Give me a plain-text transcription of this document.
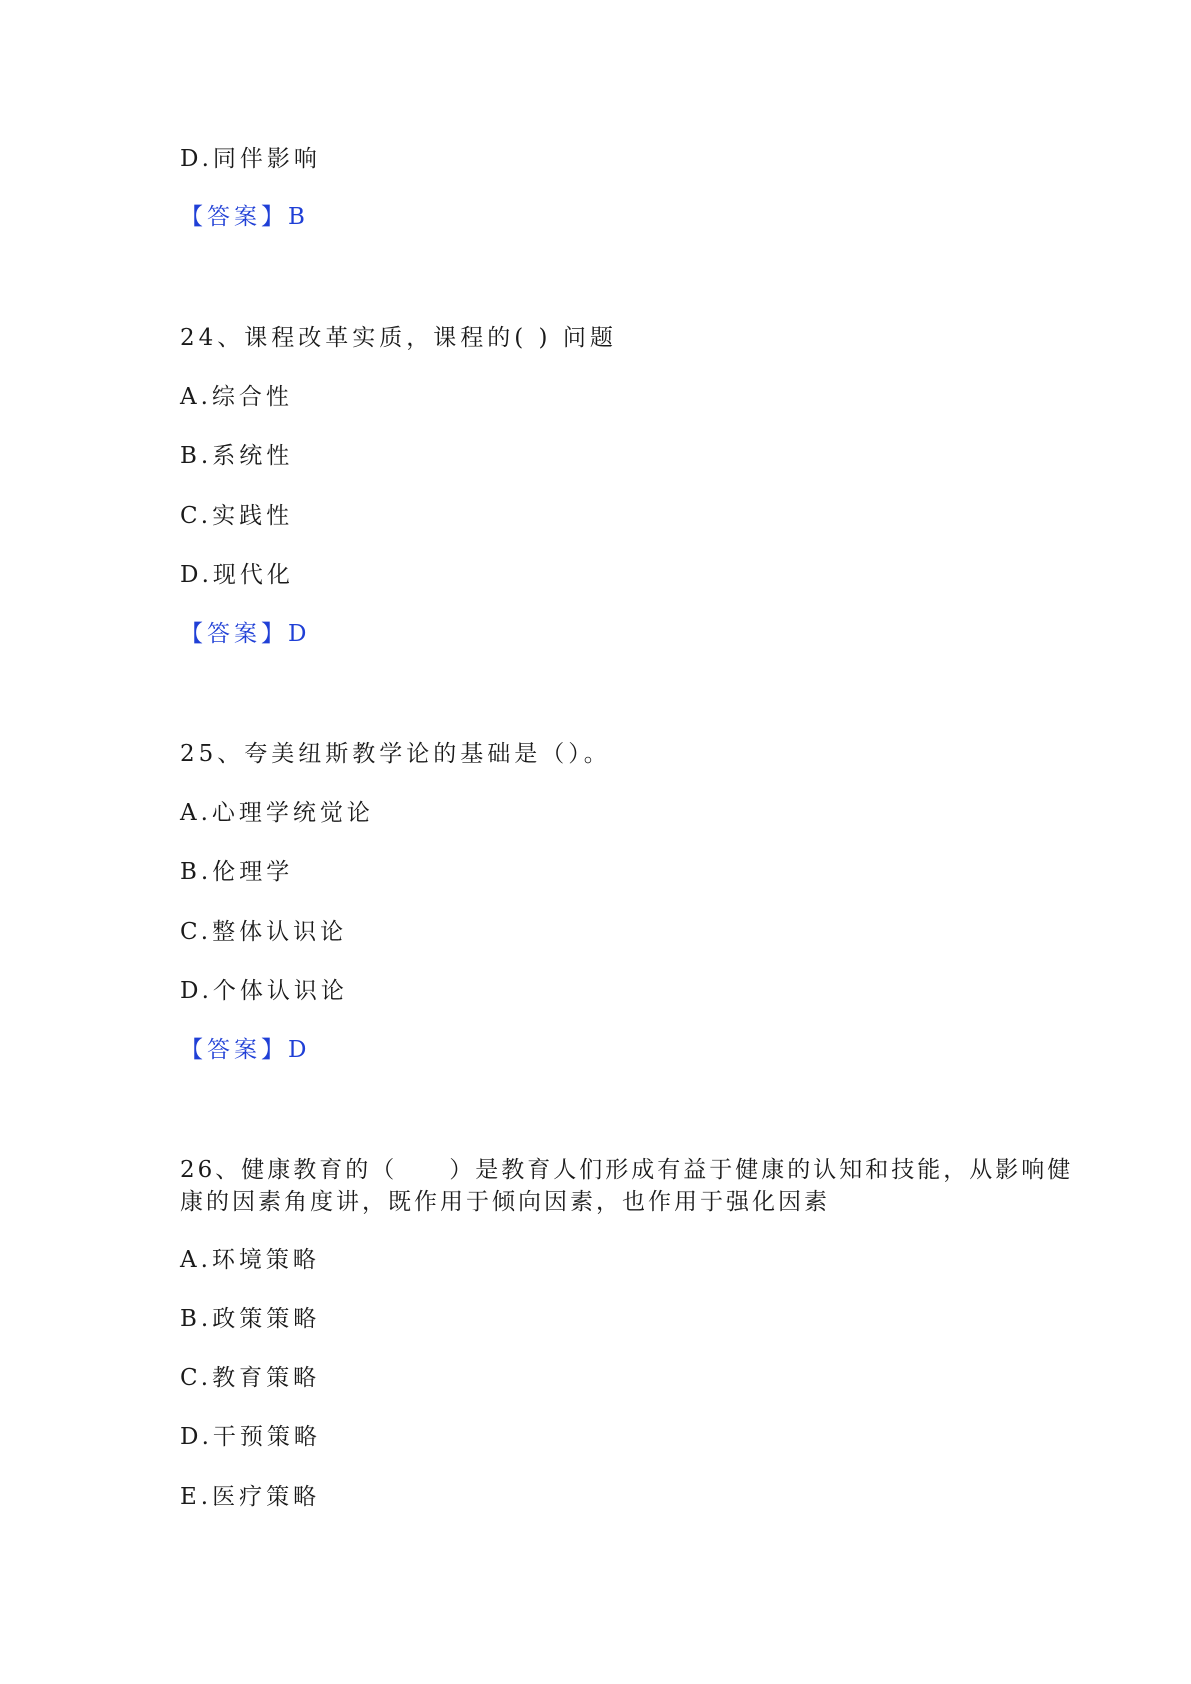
D.同伴影响
【答案】B
24、课程改革实质，课程的( ) 问题
A.综合性
B.系统性
C.实践性
D.现代化
【答案】D
25、夸美纽斯教学论的基础是（）。
A.心理学统觉论
B.伦理学
C.整体认识论
D.个体认识论
【答案】D
26、健康教育的（　　）是教育人们形成有益于健康的认知和技能，从影响健
康的因素角度讲，既作用于倾向因素，也作用于强化因素
A.环境策略
B.政策策略
C.教育策略
D.干预策略
E.医疗策略
